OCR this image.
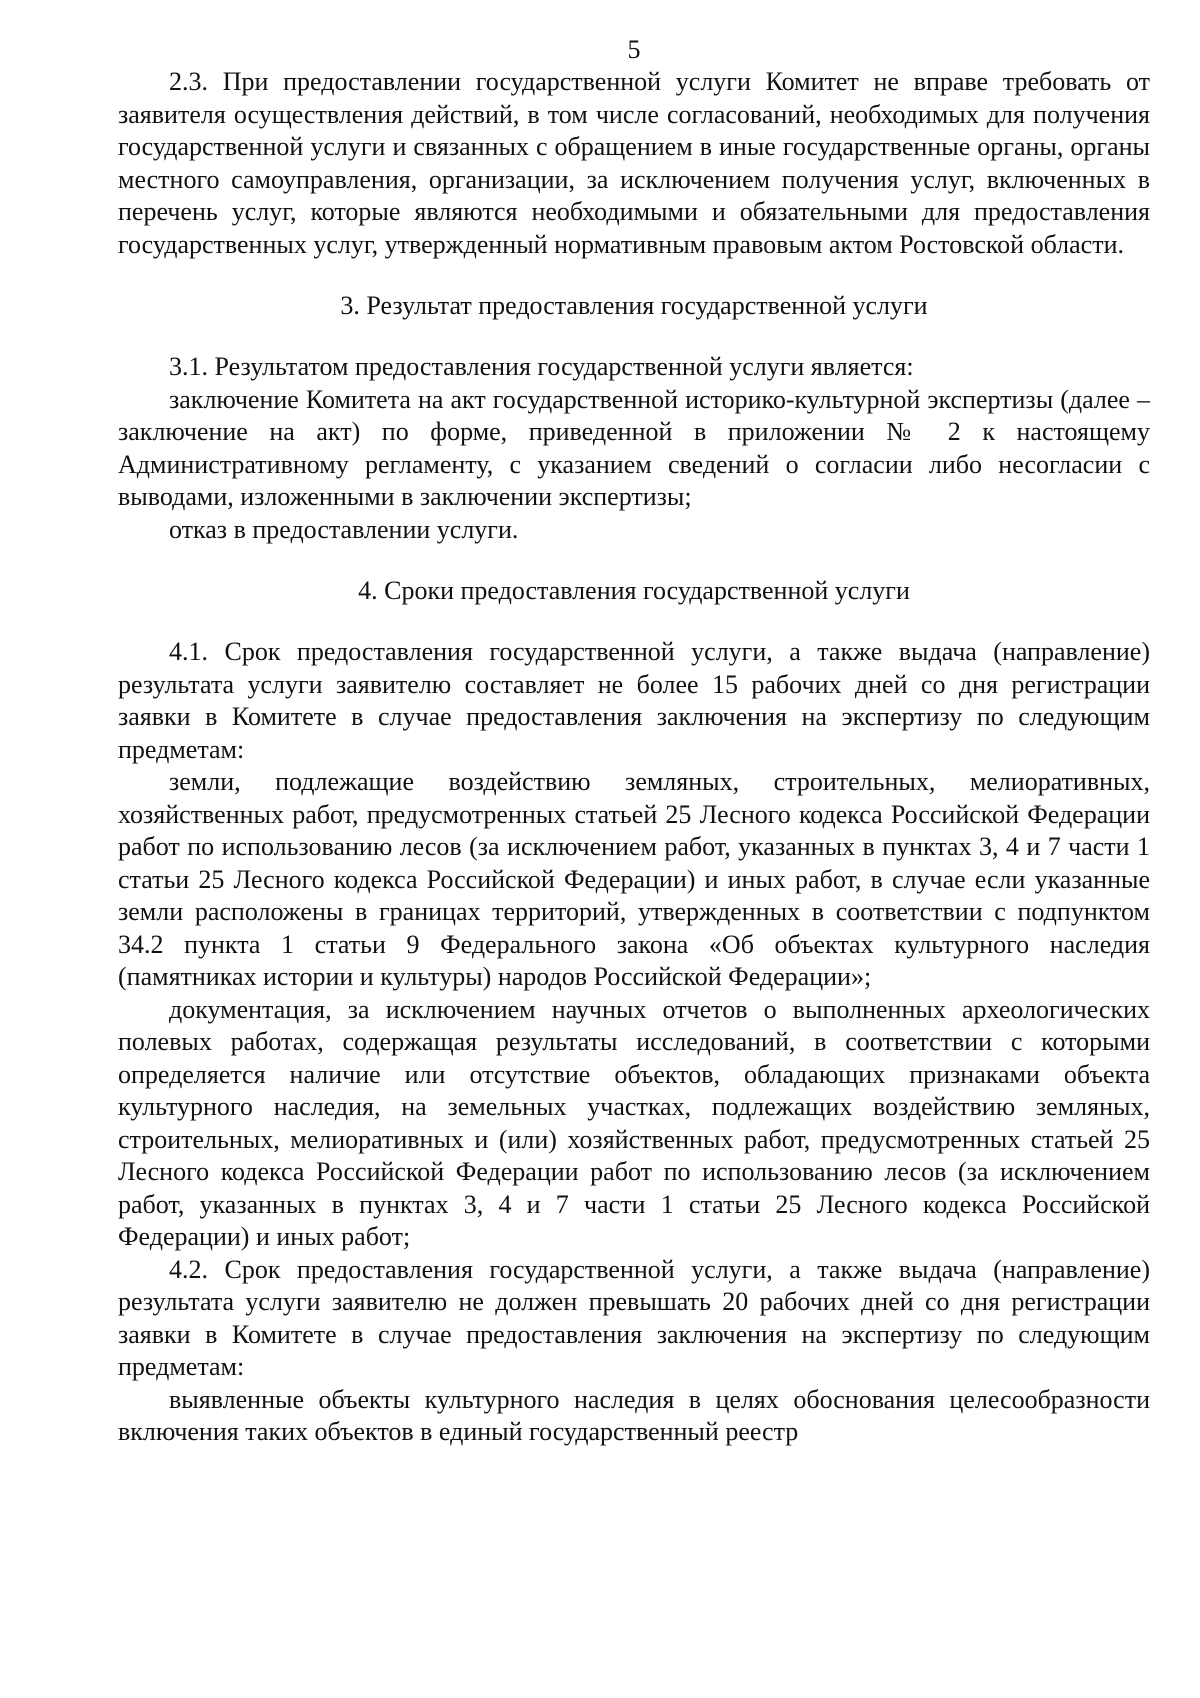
5

2.3. При предоставлении государственной услуги Комитет не вправе требовать от заявителя осуществления действий, в том числе согласований, необходимых для получения государственной услуги и связанных с обращением в иные государственные органы, органы местного самоуправления, организации, за исключением получения услуг, включенных в перечень услуг, которые являются необходимыми и обязательными для предоставления государственных услуг, утвержденный нормативным правовым актом Ростовской области.

3. Результат предоставления государственной услуги

3.1. Результатом предоставления государственной услуги является:

заключение Комитета на акт государственной историко-культурной экспертизы (далее – заключение на акт) по форме, приведенной в приложении № 2 к настоящему Административному регламенту, с указанием сведений о согласии либо несогласии с выводами, изложенными в заключении экспертизы;

отказ в предоставлении услуги.

4. Сроки предоставления государственной услуги

4.1. Срок предоставления государственной услуги, а также выдача (направление) результата услуги заявителю составляет не более 15 рабочих дней со дня регистрации заявки в Комитете в случае предоставления заключения на экспертизу по следующим предметам:

земли, подлежащие воздействию земляных, строительных, мелиоративных, хозяйственных работ, предусмотренных статьей 25 Лесного кодекса Российской Федерации работ по использованию лесов (за исключением работ, указанных в пунктах 3, 4 и 7 части 1 статьи 25 Лесного кодекса Российской Федерации) и иных работ, в случае если указанные земли расположены в границах территорий, утвержденных в соответствии с подпунктом 34.2 пункта 1 статьи 9 Федерального закона «Об объектах культурного наследия (памятниках истории и культуры) народов Российской Федерации»;

документация, за исключением научных отчетов о выполненных археологических полевых работах, содержащая результаты исследований, в соответствии с которыми определяется наличие или отсутствие объектов, обладающих признаками объекта культурного наследия, на земельных участках, подлежащих воздействию земляных, строительных, мелиоративных и (или) хозяйственных работ, предусмотренных статьей 25 Лесного кодекса Российской Федерации работ по использованию лесов (за исключением работ, указанных в пунктах 3, 4 и 7 части 1 статьи 25 Лесного кодекса Российской Федерации) и иных работ;

4.2. Срок предоставления государственной услуги, а также выдача (направление) результата услуги заявителю не должен превышать 20 рабочих дней со дня регистрации заявки в Комитете в случае предоставления заключения на экспертизу по следующим предметам:

выявленные объекты культурного наследия в целях обоснования целесообразности включения таких объектов в единый государственный реестр
